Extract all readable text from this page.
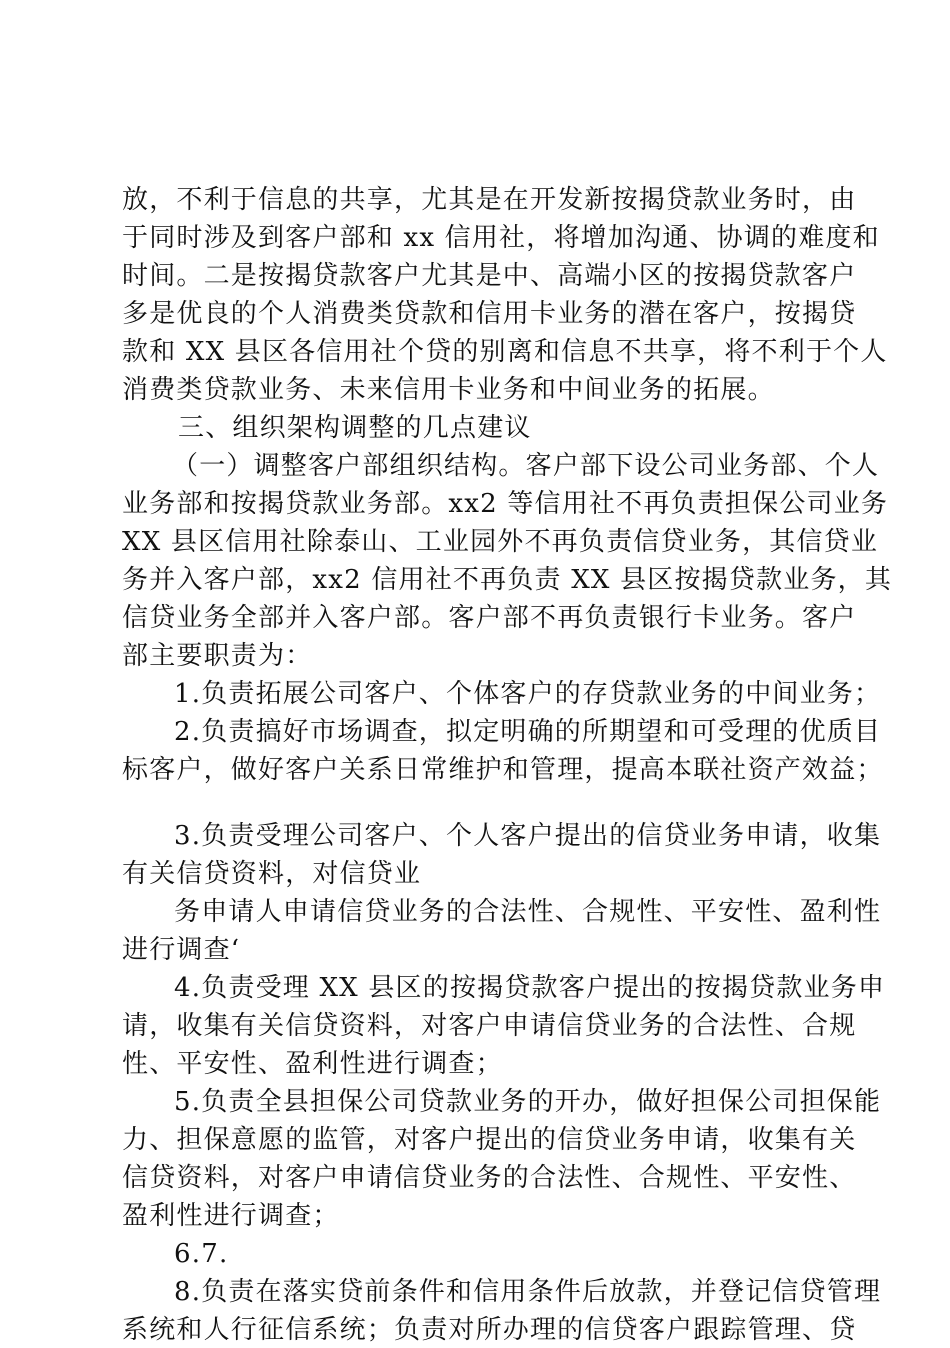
放，不利于信息的共享，尤其是在开发新按揭贷款业务时，由
于同时涉及到客户部和 xx 信用社，将增加沟通、协调的难度和
时间。二是按揭贷款客户尤其是中、高端小区的按揭贷款客户
多是优良的个人消费类贷款和信用卡业务的潜在客户，按揭贷
款和 XX 县区各信用社个贷的别离和信息不共享，将不利于个人
消费类贷款业务、未来信用卡业务和中间业务的拓展。
三、组织架构调整的几点建议
（一）调整客户部组织结构。客户部下设公司业务部、个人
业务部和按揭贷款业务部。xx2 等信用社不再负责担保公司业务
XX 县区信用社除泰山、工业园外不再负责信贷业务，其信贷业
务并入客户部，xx2 信用社不再负责 XX 县区按揭贷款业务，其
信贷业务全部并入客户部。客户部不再负责银行卡业务。客户
部主要职责为：
1.负责拓展公司客户、个体客户的存贷款业务的中间业务；
2.负责搞好市场调查，拟定明确的所期望和可受理的优质目
标客户，做好客户关系日常维护和管理，提高本联社资产效益；
3.负责受理公司客户、个人客户提出的信贷业务申请，收集
有关信贷资料，对信贷业
务申请人申请信贷业务的合法性、合规性、平安性、盈利性
进行调查‘
4.负责受理 XX 县区的按揭贷款客户提出的按揭贷款业务申
请，收集有关信贷资料，对客户申请信贷业务的合法性、合规
性、平安性、盈利性进行调查；
5.负责全县担保公司贷款业务的开办，做好担保公司担保能
力、担保意愿的监管，对客户提出的信贷业务申请，收集有关
信贷资料，对客户申请信贷业务的合法性、合规性、平安性、
盈利性进行调查；
6.7.
8.负责在落实贷前条件和信用条件后放款，并登记信贷管理
系统和人行征信系统；负责对所办理的信贷客户跟踪管理、贷
